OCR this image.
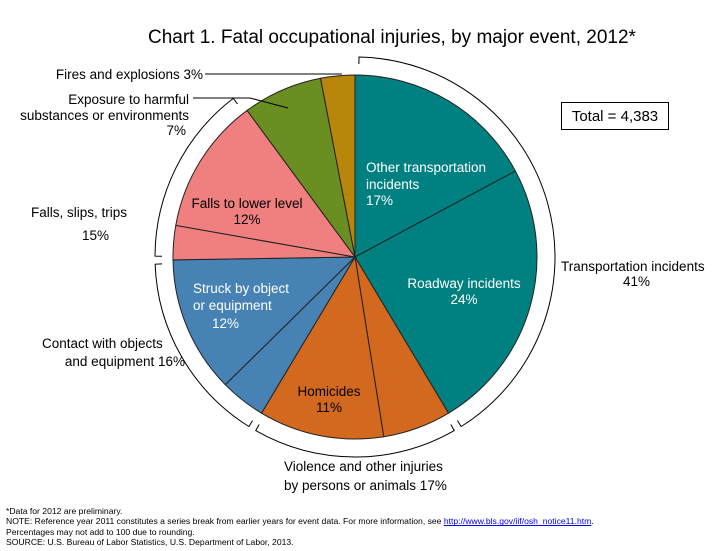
Chart 1. Fatal occupational injuries, by major event, 2012*
Fires and explosions 3%
Exposure to harmful
substances or environments
7%
Falls, slips, trips
15%
Contact with objects
and equipment 16%
Transportation incidents
41%
Violence and other injuries
by persons or animals 17%
Other transportation
incidents
17%
Roadway incidents
24%
Falls to lower level
12%
Struck by object
or equipment
12%
Homicides
11%
Total = 4,383
*Data for 2012 are preliminary.
NOTE: Reference year 2011 constitutes a series break from earlier years for event data. For more information, see http://www.bls.gov/iif/osh_notice11.htm.
Percentages may not add to 100 due to rounding.
SOURCE: U.S. Bureau of Labor Statistics, U.S. Department of Labor, 2013.
